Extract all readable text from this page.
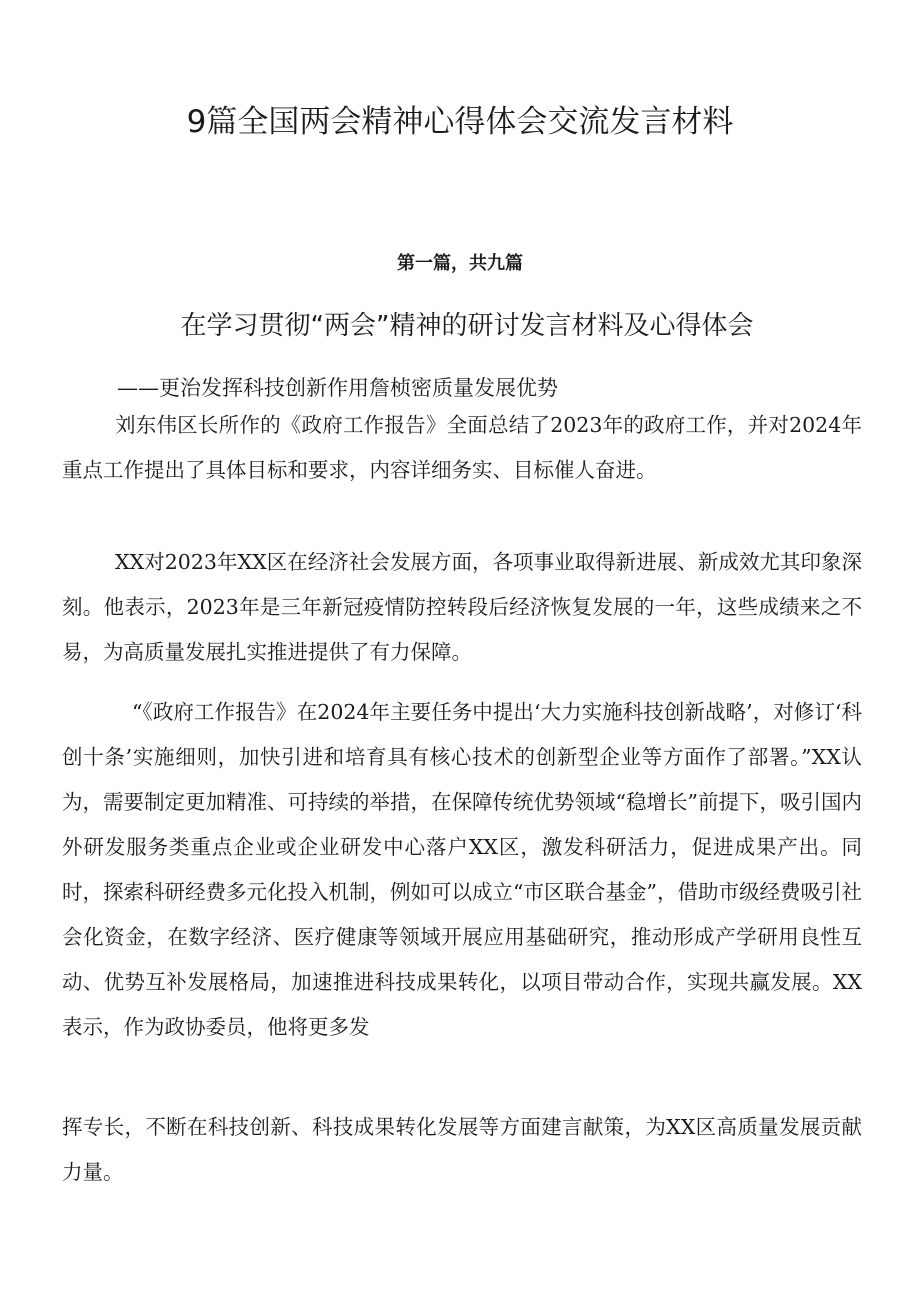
9篇全国两会精神心得体会交流发言材料
第一篇，共九篇
在学习贯彻“两会”精神的研讨发言材料及心得体会
——更治发挥科技创新作用詹桢密质量发展优势

刘东伟区长所作的《政府工作报告》全面总结了2023年的政府工作，并对2024年重点工作提出了具体目标和要求，内容详细务实、目标催人奋进。

XX对2023年XX区在经济社会发展方面，各项事业取得新进展、新成效尤其印象深刻。他表示，2023年是三年新冠疫情防控转段后经济恢复发展的一年，这些成绩来之不易，为高质量发展扎实推进提供了有力保障。

“《政府工作报告》在2024年主要任务中提出‘大力实施科技创新战略’，对修订‘科创十条’实施细则，加快引进和培育具有核心技术的创新型企业等方面作了部署。”XX认为，需要制定更加精准、可持续的举措，在保障传统优势领域“稳增长”前提下，吸引国内外研发服务类重点企业或企业研发中心落户XX区，激发科研活力，促进成果产出。同时，探索科研经费多元化投入机制，例如可以成立“市区联合基金”，借助市级经费吸引社会化资金，在数字经济、医疗健康等领域开展应用基础研究，推动形成产学研用良性互动、优势互补发展格局，加速推进科技成果转化，以项目带动合作，实现共赢发展。XX表示，作为政协委员，他将更多发

挥专长，不断在科技创新、科技成果转化发展等方面建言献策，为XX区高质量发展贡献力量。
